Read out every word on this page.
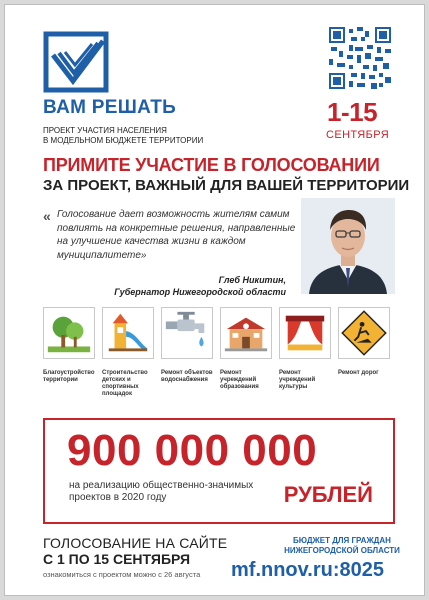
ВАМ РЕШАТЬ
ПРОЕКТ УЧАСТИЯ НАСЕЛЕНИЯ
В МОДЕЛЬНОМ БЮДЖЕТЕ ТЕРРИТОРИИ
1-15
СЕНТЯБРЯ
ПРИМИТЕ УЧАСТИЕ В ГОЛОСОВАНИИ
ЗА ПРОЕКТ, ВАЖНЫЙ ДЛЯ ВАШЕЙ ТЕРРИТОРИИ
« Голосование дает возможность жителям самим повлиять на конкретные решения, направленные на улучшение качества жизни в каждом муниципалитете»
Глеб Никитин,
Губернатор Нижегородской области
Благоустройство территории
Строительство детских и спортивных площадок
Ремонт объектов водоснабжения
Ремонт учреждений образования
Ремонт учреждений культуры
Ремонт дорог
900 000 000
на реализацию общественно-значимых проектов в 2020 году	РУБЛЕЙ
ГОЛОСОВАНИЕ НА САЙТЕ
С 1 ПО 15 СЕНТЯБРЯ
ознакомиться с проектом можно с 26 августа
БЮДЖЕТ ДЛЯ ГРАЖДАН
НИЖЕГОРОДСКОЙ ОБЛАСТИ
mf.nnov.ru:8025
